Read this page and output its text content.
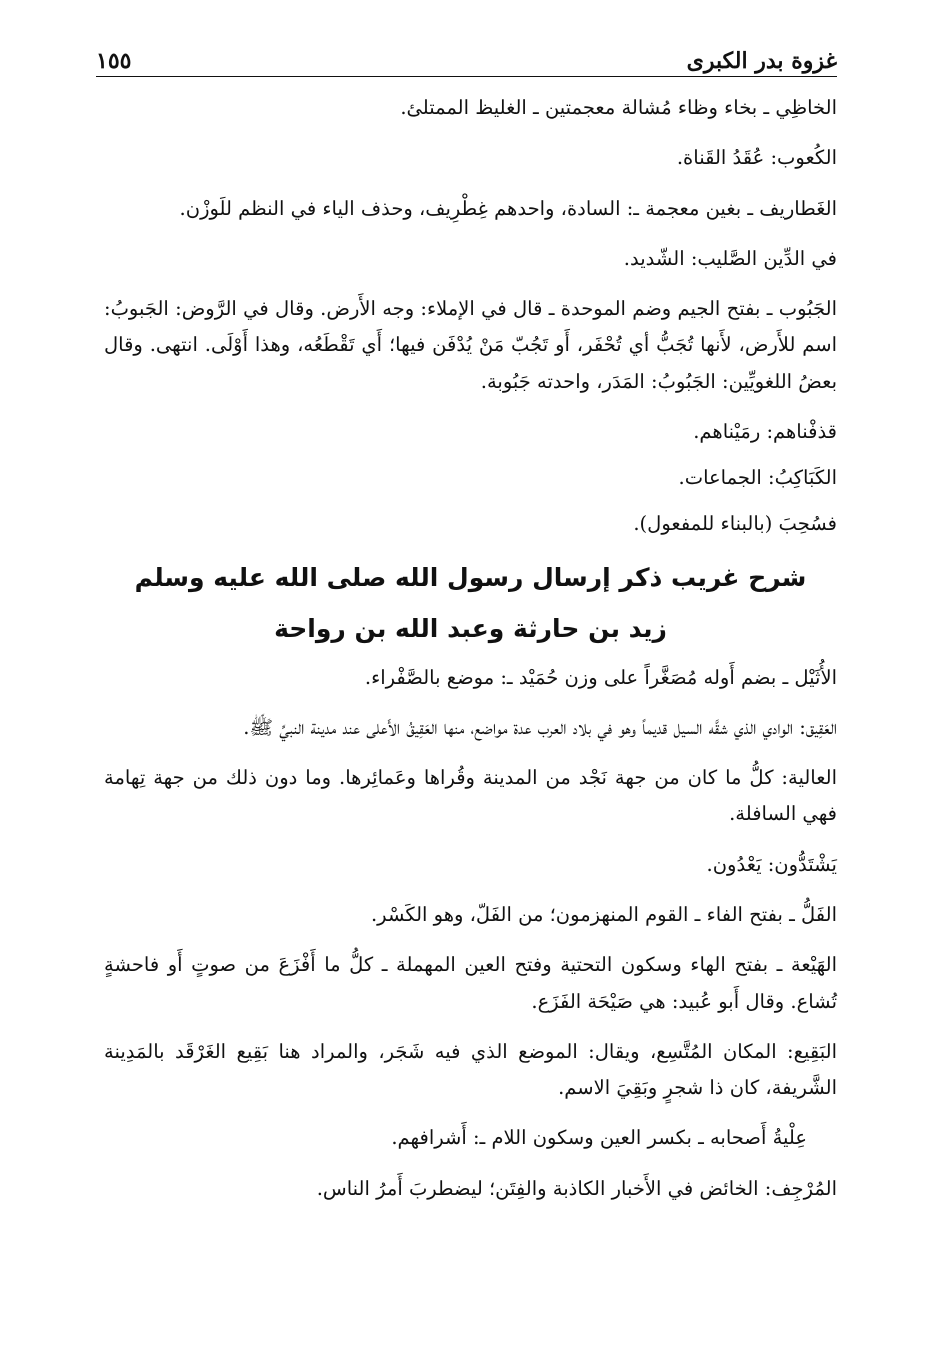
غزوة بدر الكبرى
١٥٥

الخاظِي ـ بخاء وظاء مُشالة معجمتين ـ الغليظ الممتلئ.

الكُعوب: عُقَدُ القَناة.

الغَطاريف ـ بغين معجمة ـ: السادة، واحدهم غِطْرِيف، وحذف الياء في النظم للَوزْن.

في الدِّين الصَّليب: الشّديد.

الجَبُوب ـ بفتح الجيم وضم الموحدة ـ قال في الإملاء: وجه الأَرض. وقال في الرَّوض: الجَبوبُ: اسم للأَرض، لأَنها تُجَبُّ أي تُحْفَر، أَو تَجُبّ مَنْ يُدْفَن فيها؛ أَي تَقْطَعُه، وهذا أَوْلَى. انتهى. وقال بعضُ اللغويِّين: الجَبُوبُ: المَدَر، واحدته جَبُوبة.

قذفْناهم: رمَيْناهم.

الكَبَاكِبُ: الجماعات.

فسُحِبَ (بالبناء للمفعول).

شرح غريب ذكر إرسال رسول الله صلى الله عليه وسلم
زيد بن حارثة وعبد الله بن رواحة

الأُثَيْل ـ بضم أَوله مُصَغَّراً على وزن حُمَيْد ـ: موضع بالصَّفْراء.

العَقِيق: الوادي الذي شقَّه السيل قديماً وهو في بلاد العرب عدة مواضع، منها العَقِيقُ الأَعلى عند مدينة النبيِّ ﷺ.

العالية: كلُّ ما كان من جهة نَجْد من المدينة وقُراها وعَمائِرها. وما دون ذلك من جهة تِهامة فهي السافلة.

يَشْتَدُّون: يَعْدُون.

الفَلُّ ـ بفتح الفاء ـ القوم المنهزمون؛ من الفَلّ، وهو الكَسْر.

الهَيْعة ـ بفتح الهاء وسكون التحتية وفتح العين المهملة ـ كلُّ ما أَفْزَعَ من صوتٍ أَو فاحشةٍ تُشاع. وقال أَبو عُبيد: هي صَيْحَة الفَزَع.

البَقِيع: المكان المُتَّسِع، ويقال: الموضع الذي فيه شَجَر، والمراد هنا بَقِيع الغَرْقَد بالمَدِينة الشَّريفة، كان ذا شجرٍ وبَقِيَ الاسم.

عِلْيةُ أَصحابه ـ بكسر العين وسكون اللام ـ: أَشرافهم.

المُرْجِف: الخائض في الأَخبار الكاذبة والفِتَن؛ ليضطربَ أَمرُ الناس.
